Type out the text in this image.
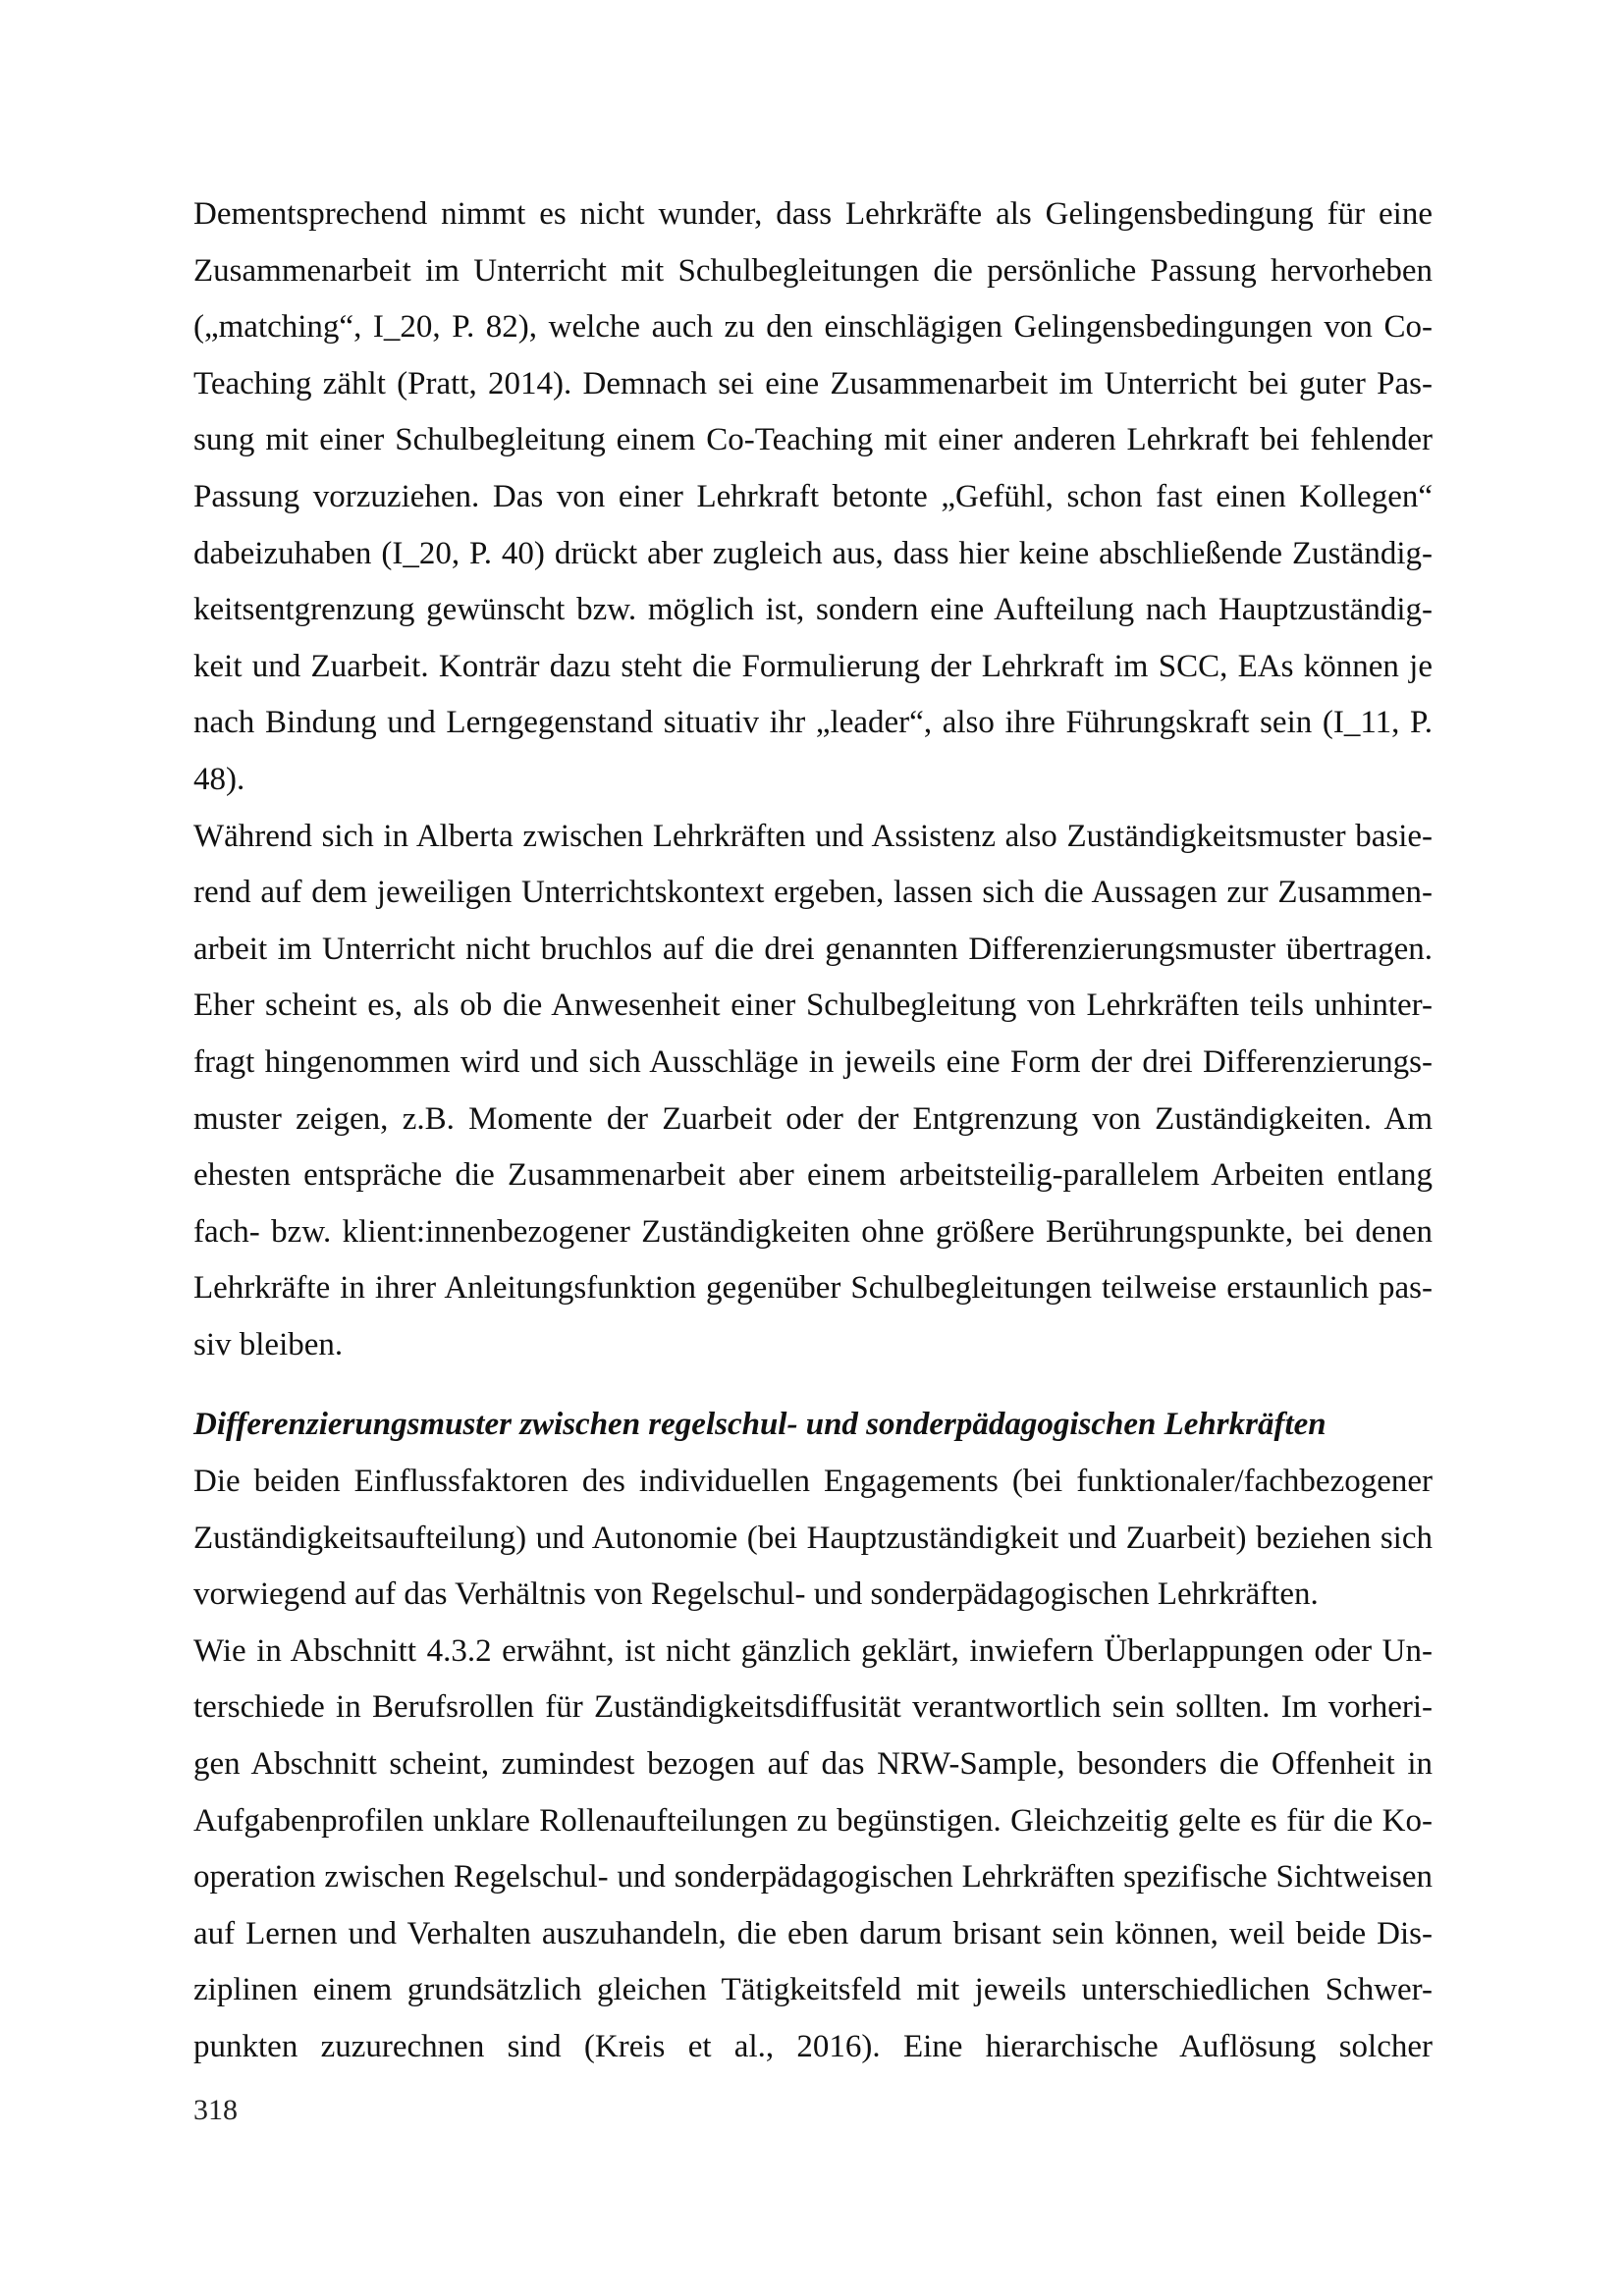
Dementsprechend nimmt es nicht wunder, dass Lehrkräfte als Gelingensbedingung für eine
Zusammenarbeit im Unterricht mit Schulbegleitungen die persönliche Passung hervorheben
(„matching“, I_20, P. 82), welche auch zu den einschlägigen Gelingensbedingungen von Co-
Teaching zählt (Pratt, 2014). Demnach sei eine Zusammenarbeit im Unterricht bei guter Pas-
sung mit einer Schulbegleitung einem Co-Teaching mit einer anderen Lehrkraft bei fehlender
Passung vorzuziehen. Das von einer Lehrkraft betonte „Gefühl, schon fast einen Kollegen“
dabeizuhaben (I_20, P. 40) drückt aber zugleich aus, dass hier keine abschließende Zuständig-
keitsentgrenzung gewünscht bzw. möglich ist, sondern eine Aufteilung nach Hauptzuständig-
keit und Zuarbeit. Konträr dazu steht die Formulierung der Lehrkraft im SCC, EAs können je
nach Bindung und Lerngegenstand situativ ihr „leader“, also ihre Führungskraft sein (I_11, P.
48).
Während sich in Alberta zwischen Lehrkräften und Assistenz also Zuständigkeitsmuster basie-
rend auf dem jeweiligen Unterrichtskontext ergeben, lassen sich die Aussagen zur Zusammen-
arbeit im Unterricht nicht bruchlos auf die drei genannten Differenzierungsmuster übertragen.
Eher scheint es, als ob die Anwesenheit einer Schulbegleitung von Lehrkräften teils unhinter-
fragt hingenommen wird und sich Ausschläge in jeweils eine Form der drei Differenzierungs-
muster zeigen, z.B. Momente der Zuarbeit oder der Entgrenzung von Zuständigkeiten. Am
ehesten entspräche die Zusammenarbeit aber einem arbeitsteilig-parallelem Arbeiten entlang
fach- bzw. klient:innenbezogener Zuständigkeiten ohne größere Berührungspunkte, bei denen
Lehrkräfte in ihrer Anleitungsfunktion gegenüber Schulbegleitungen teilweise erstaunlich pas-
siv bleiben.
Differenzierungsmuster zwischen regelschul- und sonderpädagogischen Lehrkräften
Die beiden Einflussfaktoren des individuellen Engagements (bei funktionaler/fachbezogener
Zuständigkeitsaufteilung) und Autonomie (bei Hauptzuständigkeit und Zuarbeit) beziehen sich
vorwiegend auf das Verhältnis von Regelschul- und sonderpädagogischen Lehrkräften.
Wie in Abschnitt 4.3.2 erwähnt, ist nicht gänzlich geklärt, inwiefern Überlappungen oder Un-
terschiede in Berufsrollen für Zuständigkeitsdiffusität verantwortlich sein sollten. Im vorheri-
gen Abschnitt scheint, zumindest bezogen auf das NRW-Sample, besonders die Offenheit in
Aufgabenprofilen unklare Rollenaufteilungen zu begünstigen. Gleichzeitig gelte es für die Ko-
operation zwischen Regelschul- und sonderpädagogischen Lehrkräften spezifische Sichtweisen
auf Lernen und Verhalten auszuhandeln, die eben darum brisant sein können, weil beide Dis-
ziplinen einem grundsätzlich gleichen Tätigkeitsfeld mit jeweils unterschiedlichen Schwer-
punkten zuzurechnen sind (Kreis et al., 2016). Eine hierarchische Auflösung solcher
318
